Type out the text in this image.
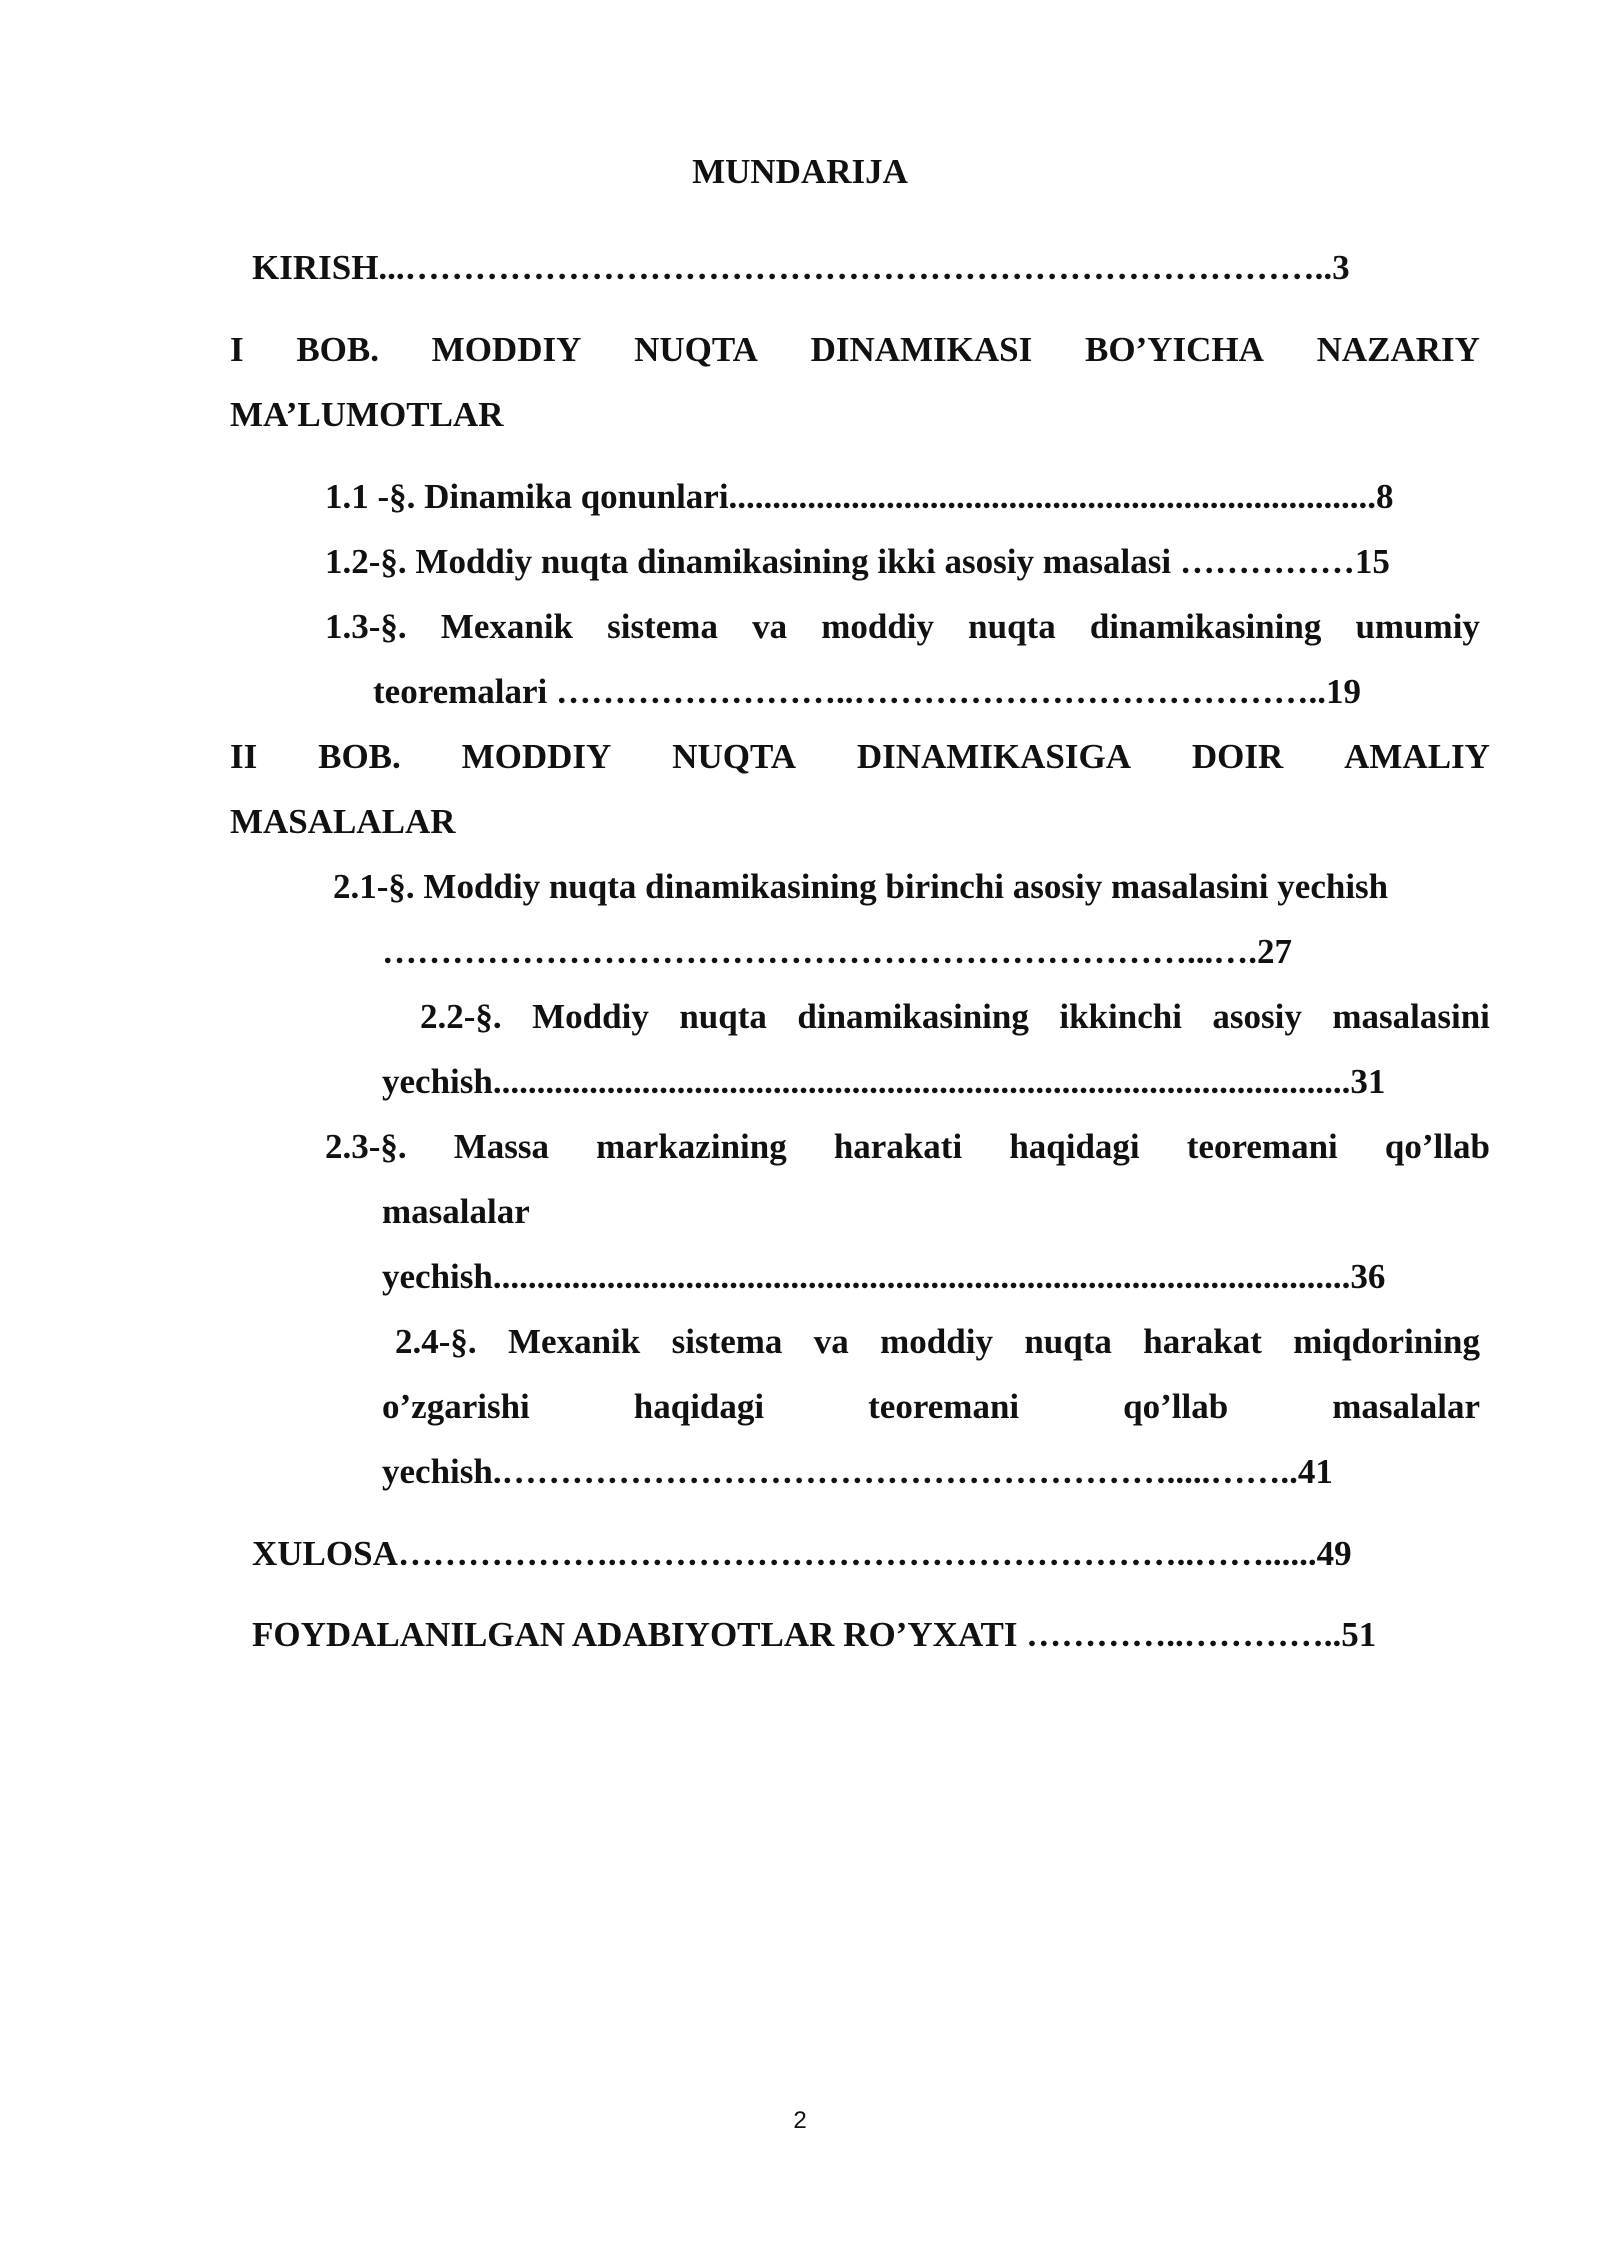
MUNDARIJA
KIRISH...……………………………………………………………………..3
I BOB. MODDIY NUQTA DINAMIKASI BO’YICHA NAZARIY
MA’LUMOTLAR
1.1 -§. Dinamika qonunlari..........................................................................8
1.2-§. Moddiy nuqta dinamikasining ikki asosiy masalasi ……………15
1.3-§. Mexanik sistema va moddiy nuqta dinamikasining umumiy
teoremalari ……………………..…………………………………..19
II BOB. MODDIY NUQTA DINAMIKASIGA DOIR AMALIY
MASALALAR
2.1-§. Moddiy nuqta dinamikasining birinchi asosiy masalasini yechish
……………………………………………………………...….27
2.2-§. Moddiy nuqta dinamikasining ikkinchi asosiy masalasini
yechish..................................................................................................31
2.3-§. Massa markazining harakati haqidagi teoremani qo’llab
masalalar
yechish..................................................................................................36
2.4-§. Mexanik sistema va moddiy nuqta harakat miqdorining
o’zgarishi	haqidagi	teoremani	qo’llab	masalalar
yechish.………………………………………………….....……..41
XULOSA……………….…………………………………………..……......49
FOYDALANILGAN ADABIYOTLAR RO’YXATI …………..…………..51
2
